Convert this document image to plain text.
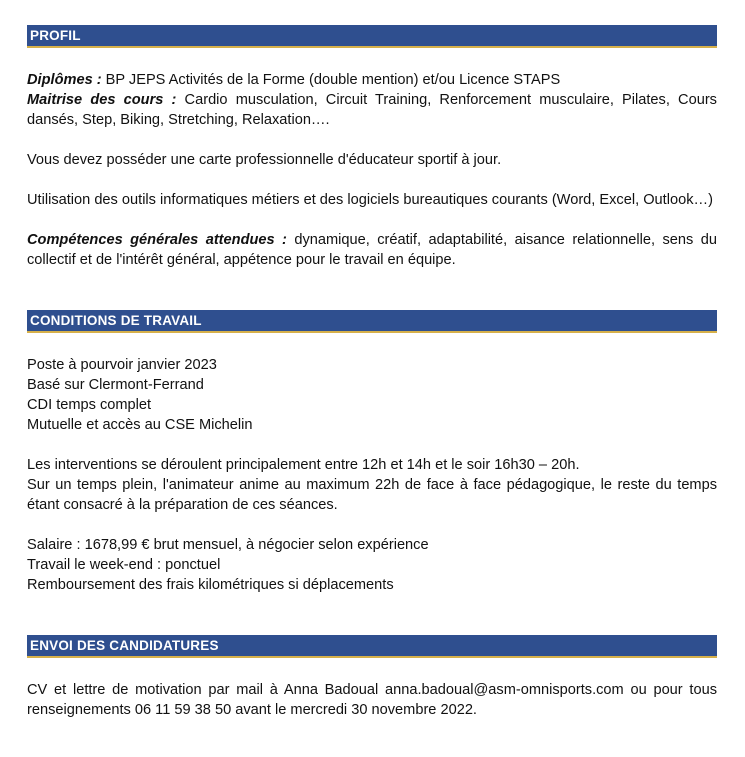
PROFIL

Diplômes : BP JEPS Activités de la Forme (double mention) et/ou Licence STAPS

Maitrise des cours : Cardio musculation, Circuit Training, Renforcement musculaire, Pilates, Cours dansés, Step, Biking, Stretching, Relaxation….

Vous devez posséder une carte professionnelle d'éducateur sportif à jour.

Utilisation des outils informatiques métiers et des logiciels bureautiques courants (Word, Excel, Outlook…)

Compétences générales attendues : dynamique, créatif, adaptabilité, aisance relationnelle, sens du collectif et de l'intérêt général, appétence pour le travail en équipe.

CONDITIONS DE TRAVAIL

Poste à pourvoir janvier 2023

Basé sur Clermont-Ferrand

CDI temps complet

Mutuelle et accès au CSE Michelin

Les interventions se déroulent principalement entre 12h et 14h et le soir 16h30 – 20h.

Sur un temps plein, l'animateur anime au maximum 22h de face à face pédagogique, le reste du temps étant consacré à la préparation de ces séances.

Salaire : 1678,99 € brut mensuel, à négocier selon expérience

Travail le week-end : ponctuel

Remboursement des frais kilométriques si déplacements

ENVOI DES CANDIDATURES

CV et lettre de motivation par mail à Anna Badoual anna.badoual@asm-omnisports.com ou pour tous renseignements 06 11 59 38 50 avant le mercredi 30 novembre 2022.
